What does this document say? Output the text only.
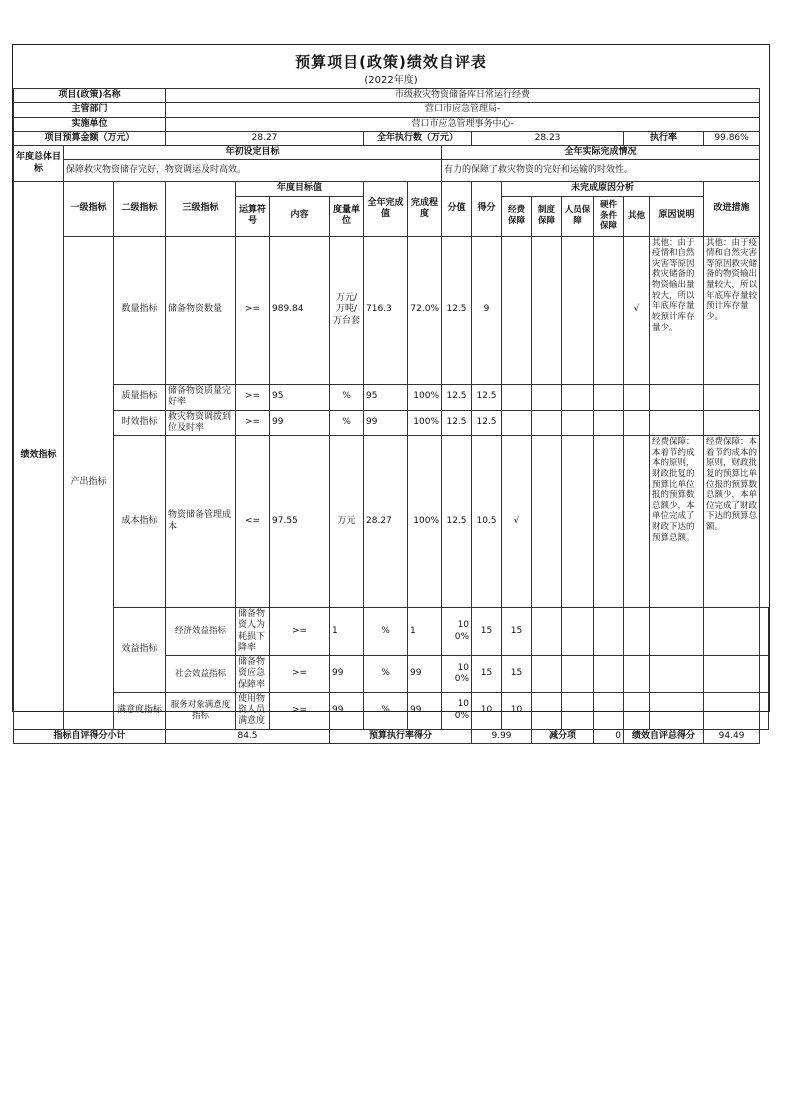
预算项目(政策)绩效自评表
(2022年度)
项目(政策)名称			市级救灾物资储备库日常运行经费															
主管部门			营口市应急管理局-															
实施单位			营口市应急管理事务中心-															
项目预算金额（万元）			28.27				全年执行数（万元）			28.23					执行率		99.86%	
年度总体目标	年初设定目标								全年实际完成情况									
	保障救灾物资储存完好，物资调运及时高效。								有力的保障了救灾物资的完好和运输的时效性。									
绩效指标	一级指标	二级指标	三级指标	年度目标值			全年完成值	完成程度	分值	得分	未完成原因分析						改进措施	
				运算符号	内容	度量单位					经费保障	制度保障	人员保障	硬件条件保障	其他	原因说明		
	产出指标	数量指标	储备物资数量	>=	989.84	万元/万吨/万台套	716.3	72.0%	12.5	9					√	其他：由于疫情和自然灾害等原因救灾储备的物资输出量较大，所以年底库存量较预计库存量少。	其他：由于疫情和自然灾害等原因救灾储备的物资输出量较大，所以年底库存量较预计库存量少。	
		质量指标	储备物资质量完好率	>=	95	%	95	100%	12.5	12.5								
		时效指标	救灾物资调拨到位及时率	>=	99	%	99	100%	12.5	12.5								
		成本指标	物资储备管理成本	<=	97.55	万元	28.27	100%	12.5	10.5	√					经费保障：本着节约成本的原则，财政批复的预算比单位报的预算数总额少，本单位完成了财政下达的预算总额。	经费保障：本着节约成本的原则，财政批复的预算比单位报的预算数总额少，本单位完成了财政下达的预算总额。	
		效益指标	经济效益指标	储备物资人为耗损下降率	>=	1	%	1	100%	15	15							
			社会效益指标	储备物资应急保障率	>=	99	%	99	100%	15	15							
		满意度指标	服务对象满意度指标	使用物资人员满意度	>=	99	%	99	100%	10	10							

指标自评得分小计			84.5			预算执行率得分				9.99		减分项		0	绩效自评总得分		94.49	
